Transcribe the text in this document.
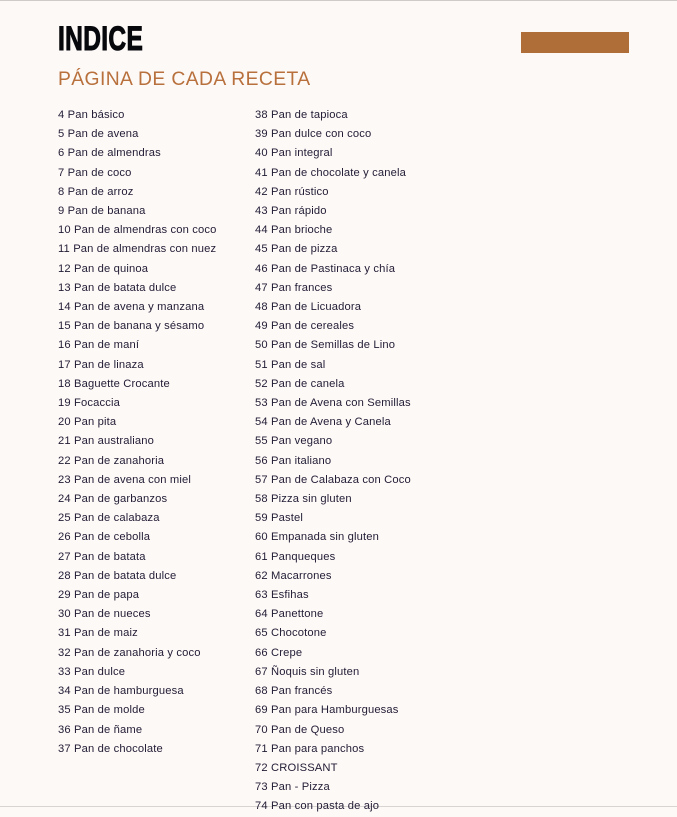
INDICE
PÁGINA DE CADA RECETA
4 Pan básico
5 Pan de avena
6 Pan de almendras
7 Pan de coco
8 Pan de arroz
9 Pan de banana
10 Pan de almendras con coco
11 Pan de almendras con nuez
12 Pan de quinoa
13 Pan de batata dulce
14 Pan de avena y manzana
15 Pan de banana y sésamo
16 Pan de maní
17 Pan de linaza
18 Baguette Crocante
19 Focaccia
20 Pan pita
21 Pan australiano
22 Pan de zanahoria
23 Pan de avena con miel
24 Pan de garbanzos
25 Pan de calabaza
26 Pan de cebolla
27 Pan de batata
28 Pan de batata dulce
29 Pan de papa
30 Pan de nueces
31 Pan de maiz
32 Pan de zanahoria y coco
33 Pan dulce
34 Pan de hamburguesa
35 Pan de molde
36 Pan de ñame
37 Pan de chocolate
38 Pan de tapioca
39 Pan dulce con coco
40 Pan integral
41 Pan de chocolate y canela
42 Pan rústico
43 Pan rápido
44 Pan brioche
45 Pan de pizza
46 Pan de Pastinaca y chía
47 Pan frances
48 Pan de Licuadora
49 Pan de cereales
50 Pan de Semillas de Lino
51 Pan de sal
52 Pan de canela
53 Pan de Avena con Semillas
54 Pan de Avena y Canela
55 Pan vegano
56 Pan italiano
57 Pan de Calabaza con Coco
58 Pizza sin gluten
59 Pastel
60 Empanada sin gluten
61 Panqueques
62 Macarrones
63 Esfihas
64 Panettone
65 Chocotone
66 Crepe
67 Ñoquis sin gluten
68 Pan francés
69 Pan para Hamburguesas
70 Pan de Queso
71 Pan para panchos
72 CROISSANT
73 Pan - Pizza
74 Pan con pasta de ajo
